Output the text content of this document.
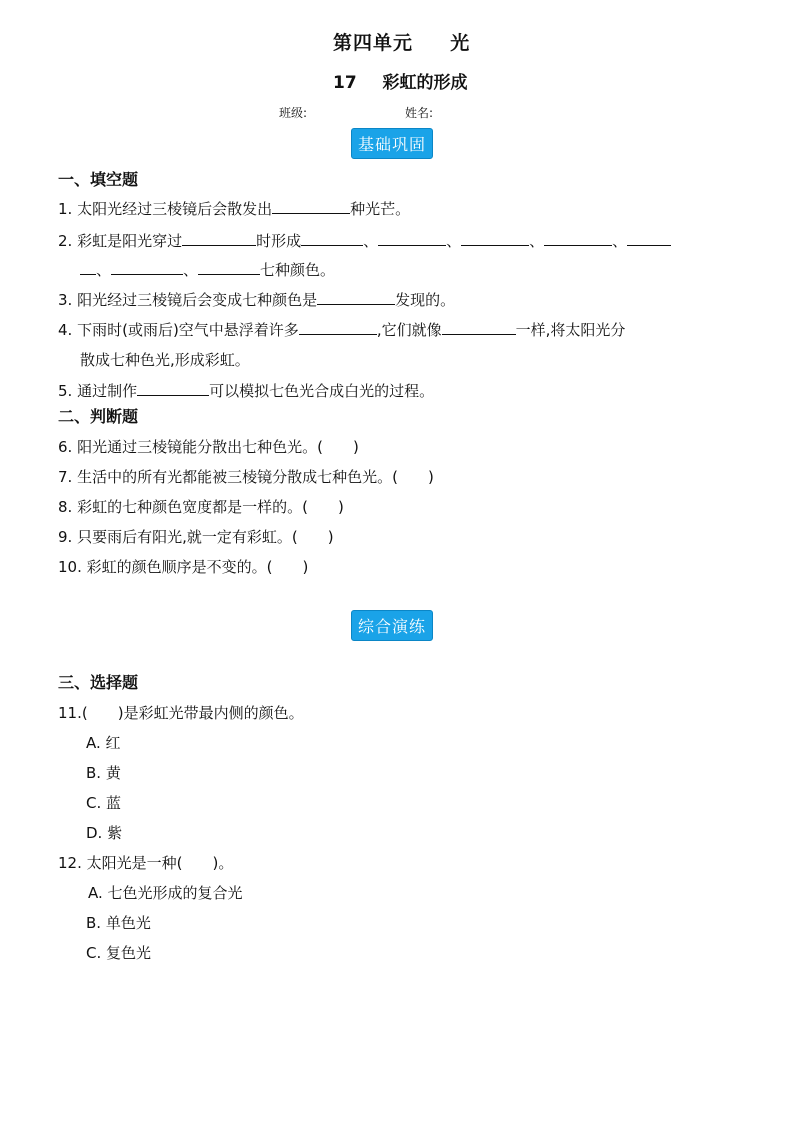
第四单元 光
17 彩虹的形成
班级:	姓名:
基础巩固
一、填空题
1. 太阳光经过三棱镜后会散发出	种光芒。
2. 彩虹是阳光穿过	时形成	、	、	、	、
、	、	七种颜色。
3. 阳光经过三棱镜后会变成七种颜色是	发现的。
4. 下雨时(或雨后)空气中悬浮着许多	,它们就像	一样,将太阳光分
散成七种色光,形成彩虹。
5. 通过制作	可以模拟七色光合成白光的过程。
二、判断题
6. 阳光通过三棱镜能分散出七种色光。(　　)
7. 生活中的所有光都能被三棱镜分散成七种色光。(　　)
8. 彩虹的七种颜色宽度都是一样的。(　　)
9. 只要雨后有阳光,就一定有彩虹。(　　)
10. 彩虹的颜色顺序是不变的。(　　)
综合演练
三、选择题
11.(　　)是彩虹光带最内侧的颜色。
A. 红
B. 黄
C. 蓝
D. 紫
12. 太阳光是一种(　　)。
A. 七色光形成的复合光
B. 单色光
C. 复色光
